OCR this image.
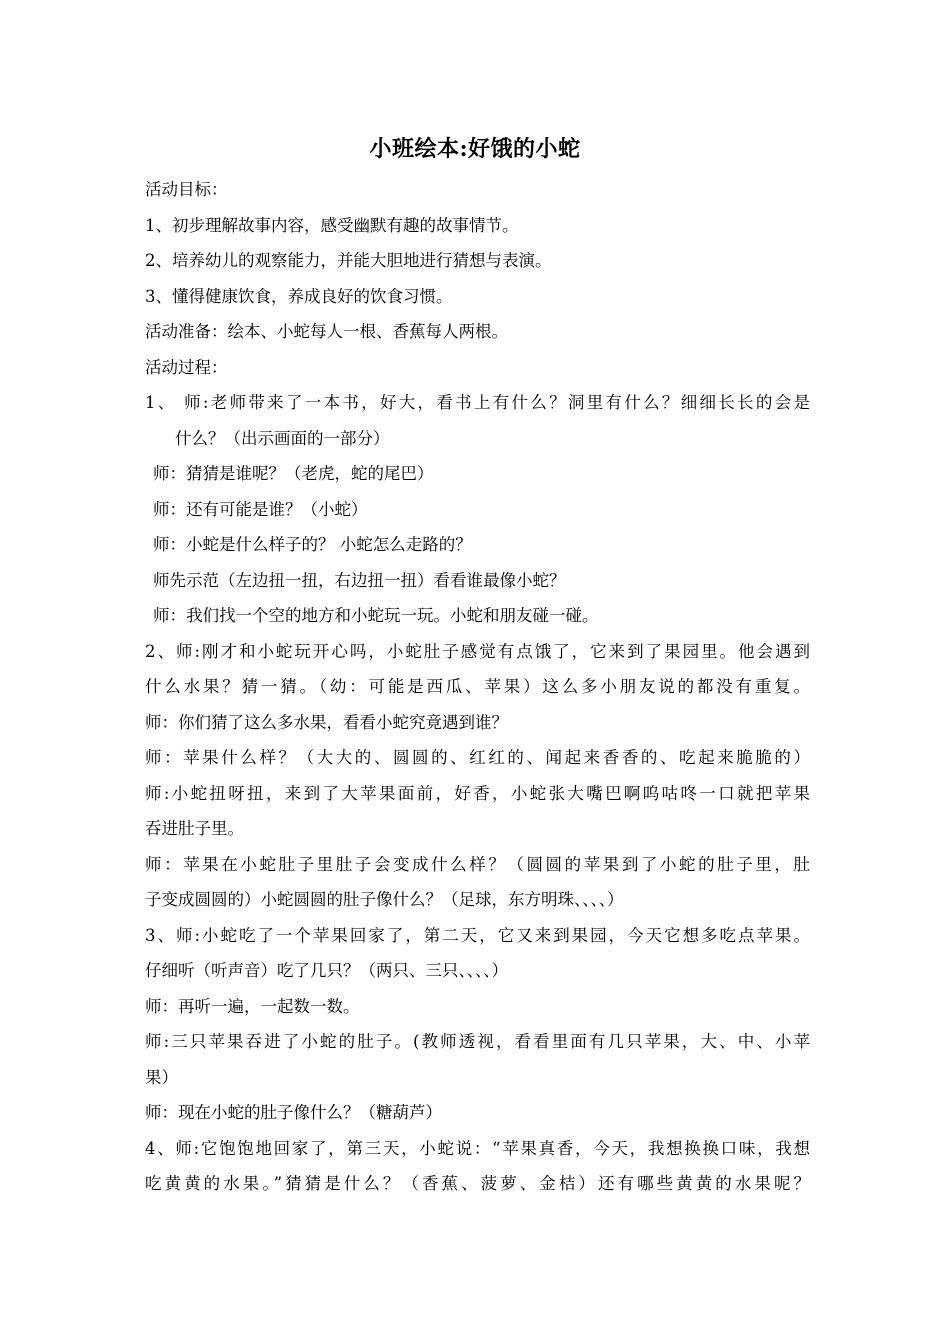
小班绘本:好饿的小蛇
活动目标：
1、初步理解故事内容，感受幽默有趣的故事情节。
2、培养幼儿的观察能力，并能大胆地进行猜想与表演。
3、懂得健康饮食，养成良好的饮食习惯。
活动准备：绘本、小蛇每人一根、香蕉每人两根。
活动过程：
1、 师:老师带来了一本书，好大，看书上有什么？洞里有什么？细细长长的会是
什么？（出示画面的一部分）
师：猜猜是谁呢？（老虎，蛇的尾巴）
师：还有可能是谁？（小蛇）
师：小蛇是什么样子的？ 小蛇怎么走路的？
师先示范（左边扭一扭，右边扭一扭）看看谁最像小蛇？
师：我们找一个空的地方和小蛇玩一玩。小蛇和朋友碰一碰。
2、师:刚才和小蛇玩开心吗，小蛇肚子感觉有点饿了，它来到了果园里。他会遇到
什么水果？猜一猜。（幼：可能是西瓜、苹果）这么多小朋友说的都没有重复。
师：你们猜了这么多水果，看看小蛇究竟遇到谁？
师：苹果什么样？（大大的、圆圆的、红红的、闻起来香香的、吃起来脆脆的）
师:小蛇扭呀扭，来到了大苹果面前，好香，小蛇张大嘴巴啊呜咕咚一口就把苹果
吞进肚子里。
师：苹果在小蛇肚子里肚子会变成什么样？（圆圆的苹果到了小蛇的肚子里，肚
子变成圆圆的）小蛇圆圆的肚子像什么？（足球，东方明珠、、、、）
3、师:小蛇吃了一个苹果回家了，第二天，它又来到果园，今天它想多吃点苹果。
仔细听（听声音）吃了几只？（两只、三只、、、、）
师：再听一遍，一起数一数。
师:三只苹果吞进了小蛇的肚子。(教师透视，看看里面有几只苹果，大、中、小苹
果）
师：现在小蛇的肚子像什么？（糖葫芦）
4、师:它饱饱地回家了，第三天，小蛇说：“苹果真香，今天，我想换换口味，我想
吃黄黄的水果。”猜猜是什么？（香蕉、菠萝、金桔）还有哪些黄黄的水果呢？
